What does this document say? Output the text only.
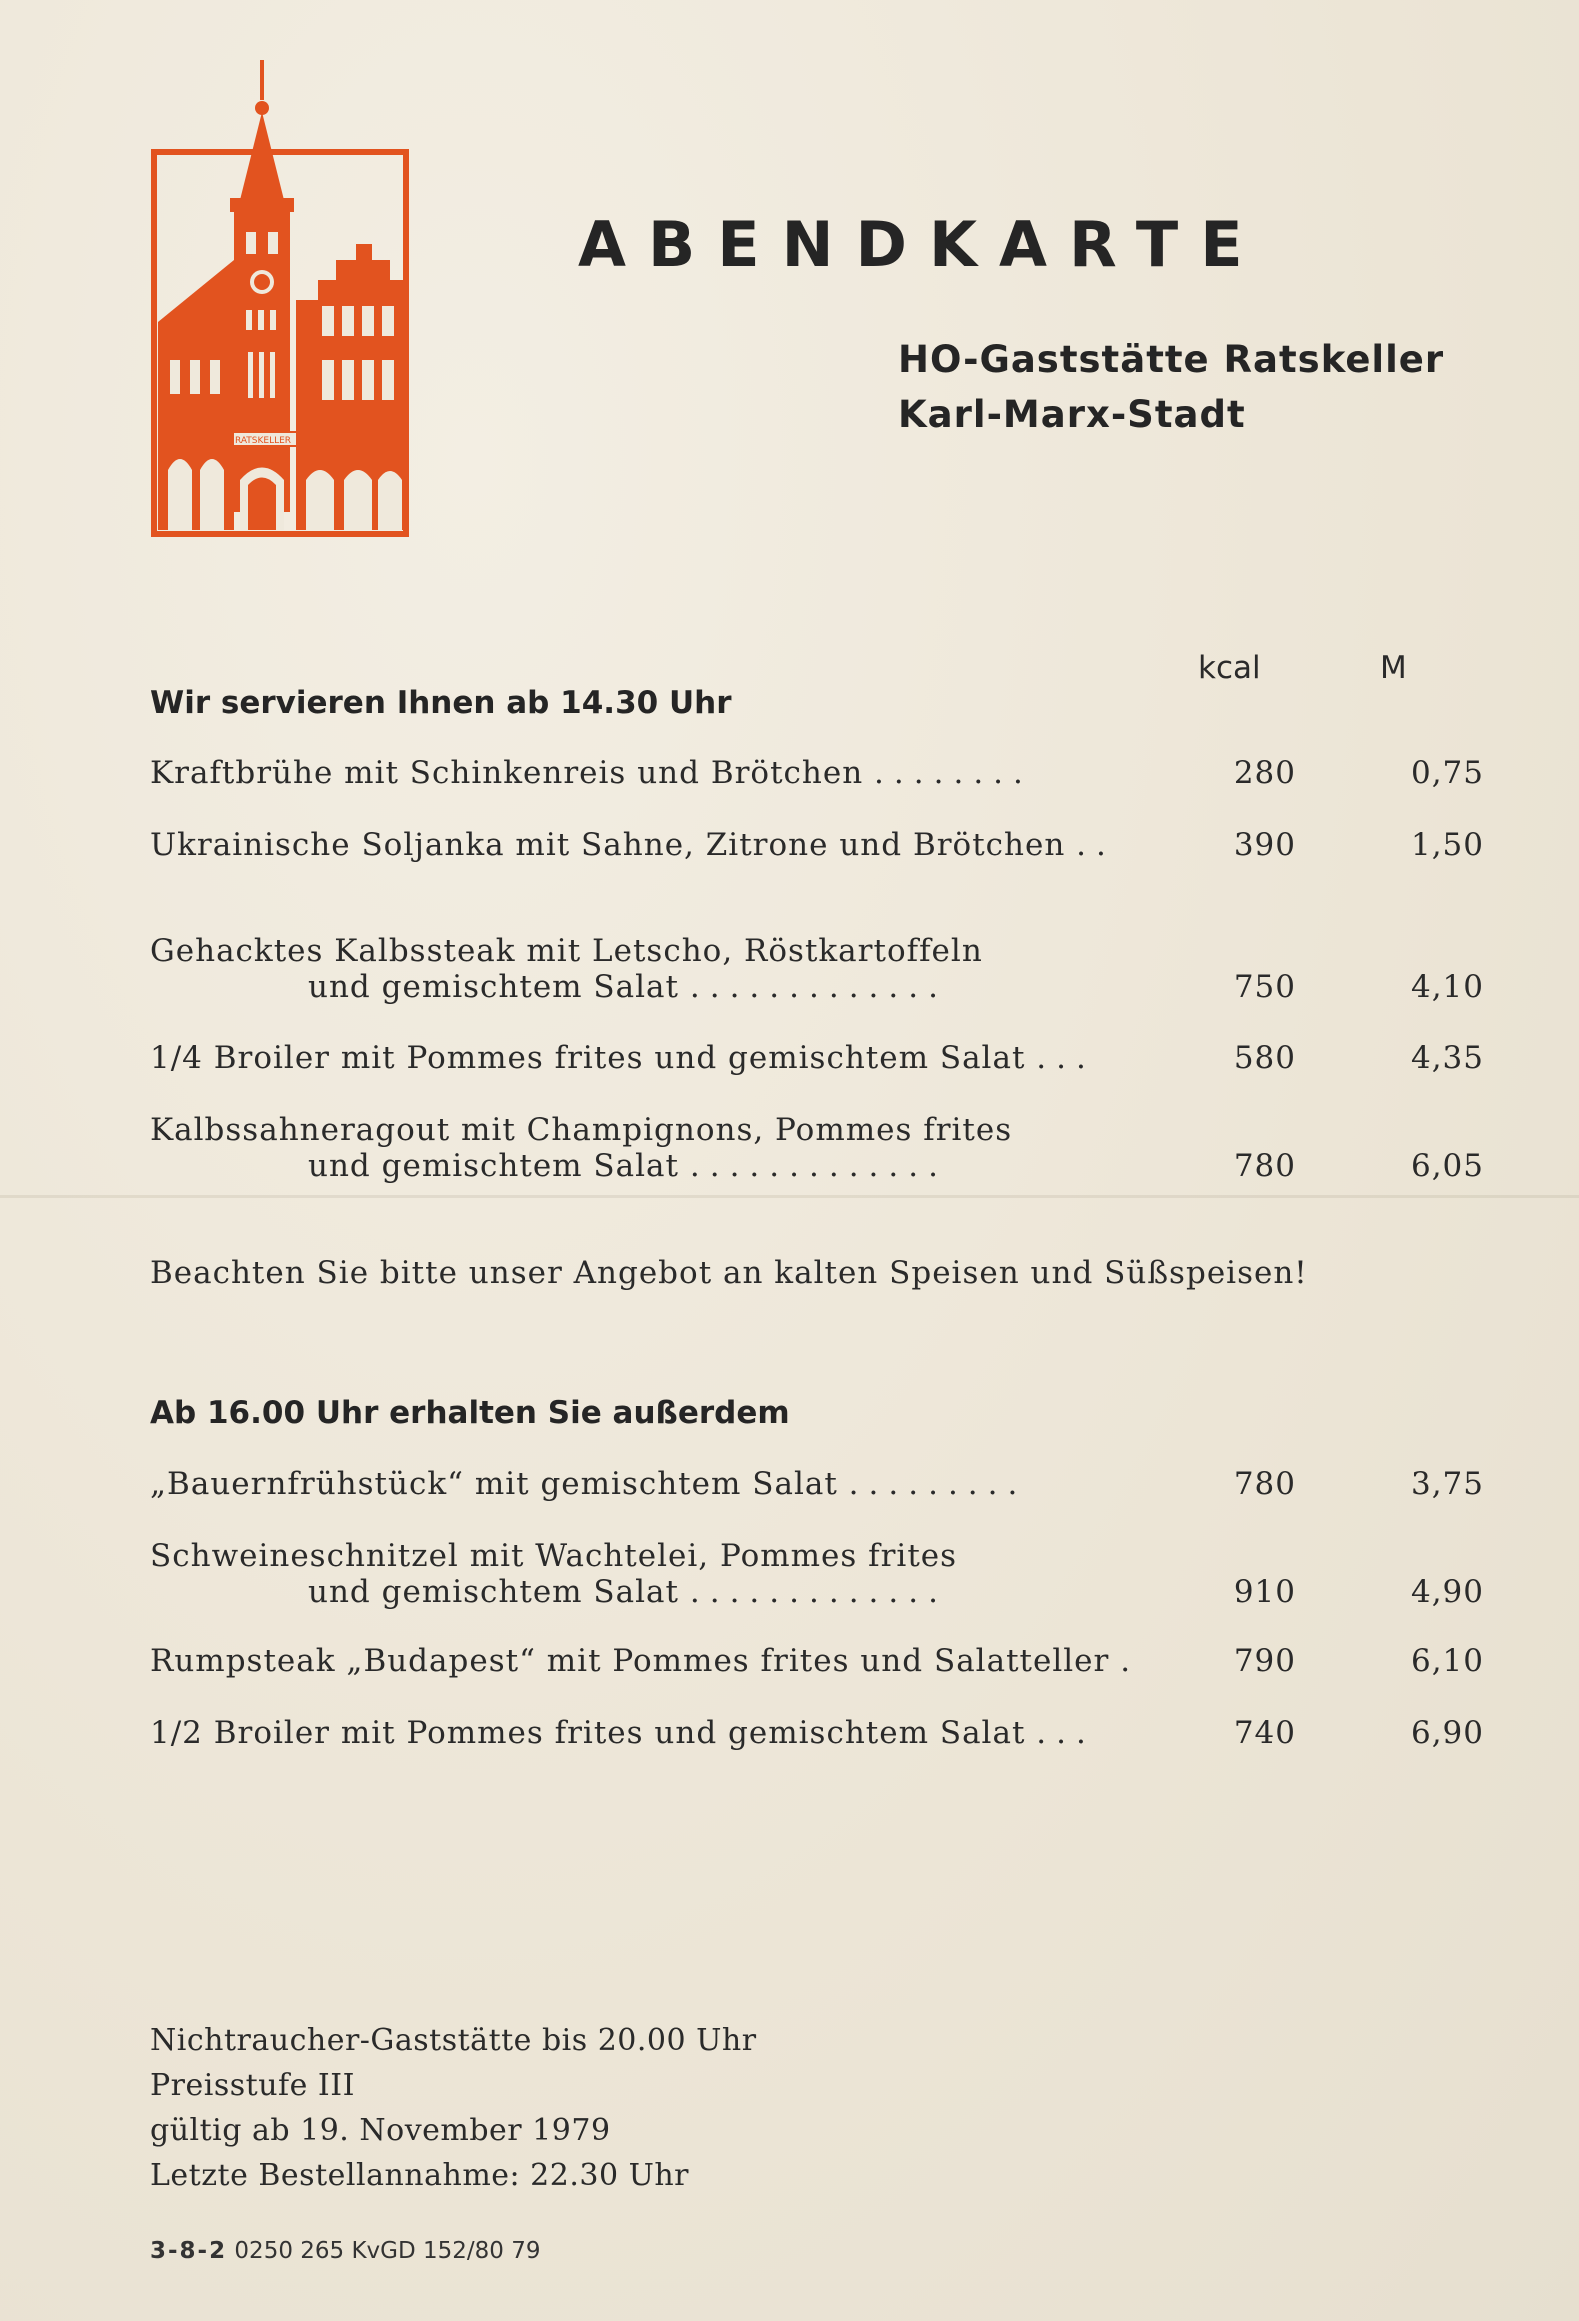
RATSKELLER
ABENDKARTE
HO-Gaststätte Ratskeller
Karl-Marx-Stadt
kcal	M
Wir servieren Ihnen ab 14.30 Uhr
Kraftbrühe mit Schinkenreis und Brötchen ........	280	0,75
Ukrainische Soljanka mit Sahne, Zitrone und Brötchen ..	390	1,50
Gehacktes Kalbssteak mit Letscho, Röstkartoffeln
und gemischtem Salat .............	750	4,10
1/4 Broiler mit Pommes frites und gemischtem Salat ...	580	4,35
Kalbssahneragout mit Champignons, Pommes frites
und gemischtem Salat .............	780	6,05
Beachten Sie bitte unser Angebot an kalten Speisen und Süßspeisen!
Ab 16.00 Uhr erhalten Sie außerdem
„Bauernfrühstück“ mit gemischtem Salat .........	780	3,75
Schweineschnitzel mit Wachtelei, Pommes frites
und gemischtem Salat .............	910	4,90
Rumpsteak „Budapest“ mit Pommes frites und Salatteller .	790	6,10
1/2 Broiler mit Pommes frites und gemischtem Salat ...	740	6,90
Nichtraucher-Gaststätte bis 20.00 Uhr
Preisstufe III
gültig ab 19. November 1979
Letzte Bestellannahme: 22.30 Uhr
3-8-2 0250 265 KvGD 152/80 79
